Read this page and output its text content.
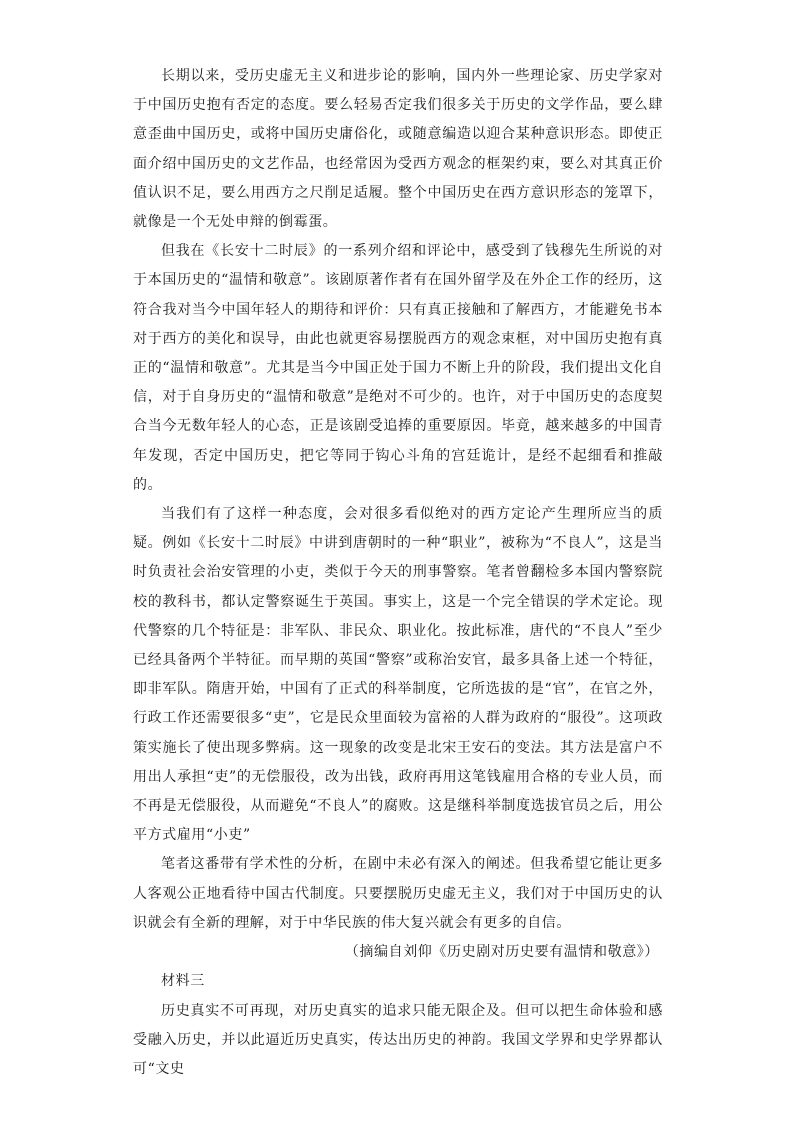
长期以来，受历史虚无主义和进步论的影响，国内外一些理论家、历史学家对于中国历史抱有否定的态度。要么轻易否定我们很多关于历史的文学作品，要么肆意歪曲中国历史，或将中国历史庸俗化，或随意编造以迎合某种意识形态。即使正面介绍中国历史的文艺作品，也经常因为受西方观念的框架约束，要么对其真正价值认识不足，要么用西方之尺削足适履。整个中国历史在西方意识形态的笼罩下，就像是一个无处申辩的倒霉蛋。

但我在《长安十二时辰》的一系列介绍和评论中，感受到了钱穆先生所说的对于本国历史的“温情和敬意”。该剧原著作者有在国外留学及在外企工作的经历，这符合我对当今中国年轻人的期待和评价：只有真正接触和了解西方，才能避免书本对于西方的美化和误导，由此也就更容易摆脱西方的观念束框，对中国历史抱有真正的“温情和敬意”。尤其是当今中国正处于国力不断上升的阶段，我们提出文化自信，对于自身历史的“温情和敬意”是绝对不可少的。也许，对于中国历史的态度契合当今无数年轻人的心态，正是该剧受追捧的重要原因。毕竟，越来越多的中国青年发现，否定中国历史，把它等同于钩心斗角的宫廷诡计，是经不起细看和推敲的。

当我们有了这样一种态度，会对很多看似绝对的西方定论产生理所应当的质疑。例如《长安十二时辰》中讲到唐朝时的一种“职业”，被称为“不良人”，这是当时负责社会治安管理的小吏，类似于今天的刑事警察。笔者曾翻检多本国内警察院校的教科书，都认定警察诞生于英国。事实上，这是一个完全错误的学术定论。现代警察的几个特征是：非军队、非民众、职业化。按此标准，唐代的“不良人”至少已经具备两个半特征。而早期的英国“警察”或称治安官，最多具备上述一个特征，即非军队。隋唐开始，中国有了正式的科举制度，它所选拔的是“官”，在官之外，行政工作还需要很多“吏”，它是民众里面较为富裕的人群为政府的“服役”。这项政策实施长了使出现多弊病。这一现象的改变是北宋王安石的变法。其方法是富户不用出人承担“吏”的无偿服役，改为出钱，政府再用这笔钱雇用合格的专业人员，而不再是无偿服役，从而避免“不良人”的腐败。这是继科举制度选拔官员之后，用公平方式雇用“小吏”

笔者这番带有学术性的分析，在剧中未必有深入的阐述。但我希望它能让更多人客观公正地看待中国古代制度。只要摆脱历史虚无主义，我们对于中国历史的认识就会有全新的理解，对于中华民族的伟大复兴就会有更多的自信。

（摘编自刘仰《历史剧对历史要有温情和敬意》）

材料三

历史真实不可再现，对历史真实的追求只能无限企及。但可以把生命体验和感受融入历史，并以此逼近历史真实，传达出历史的神韵。我国文学界和史学界都认可“文史
